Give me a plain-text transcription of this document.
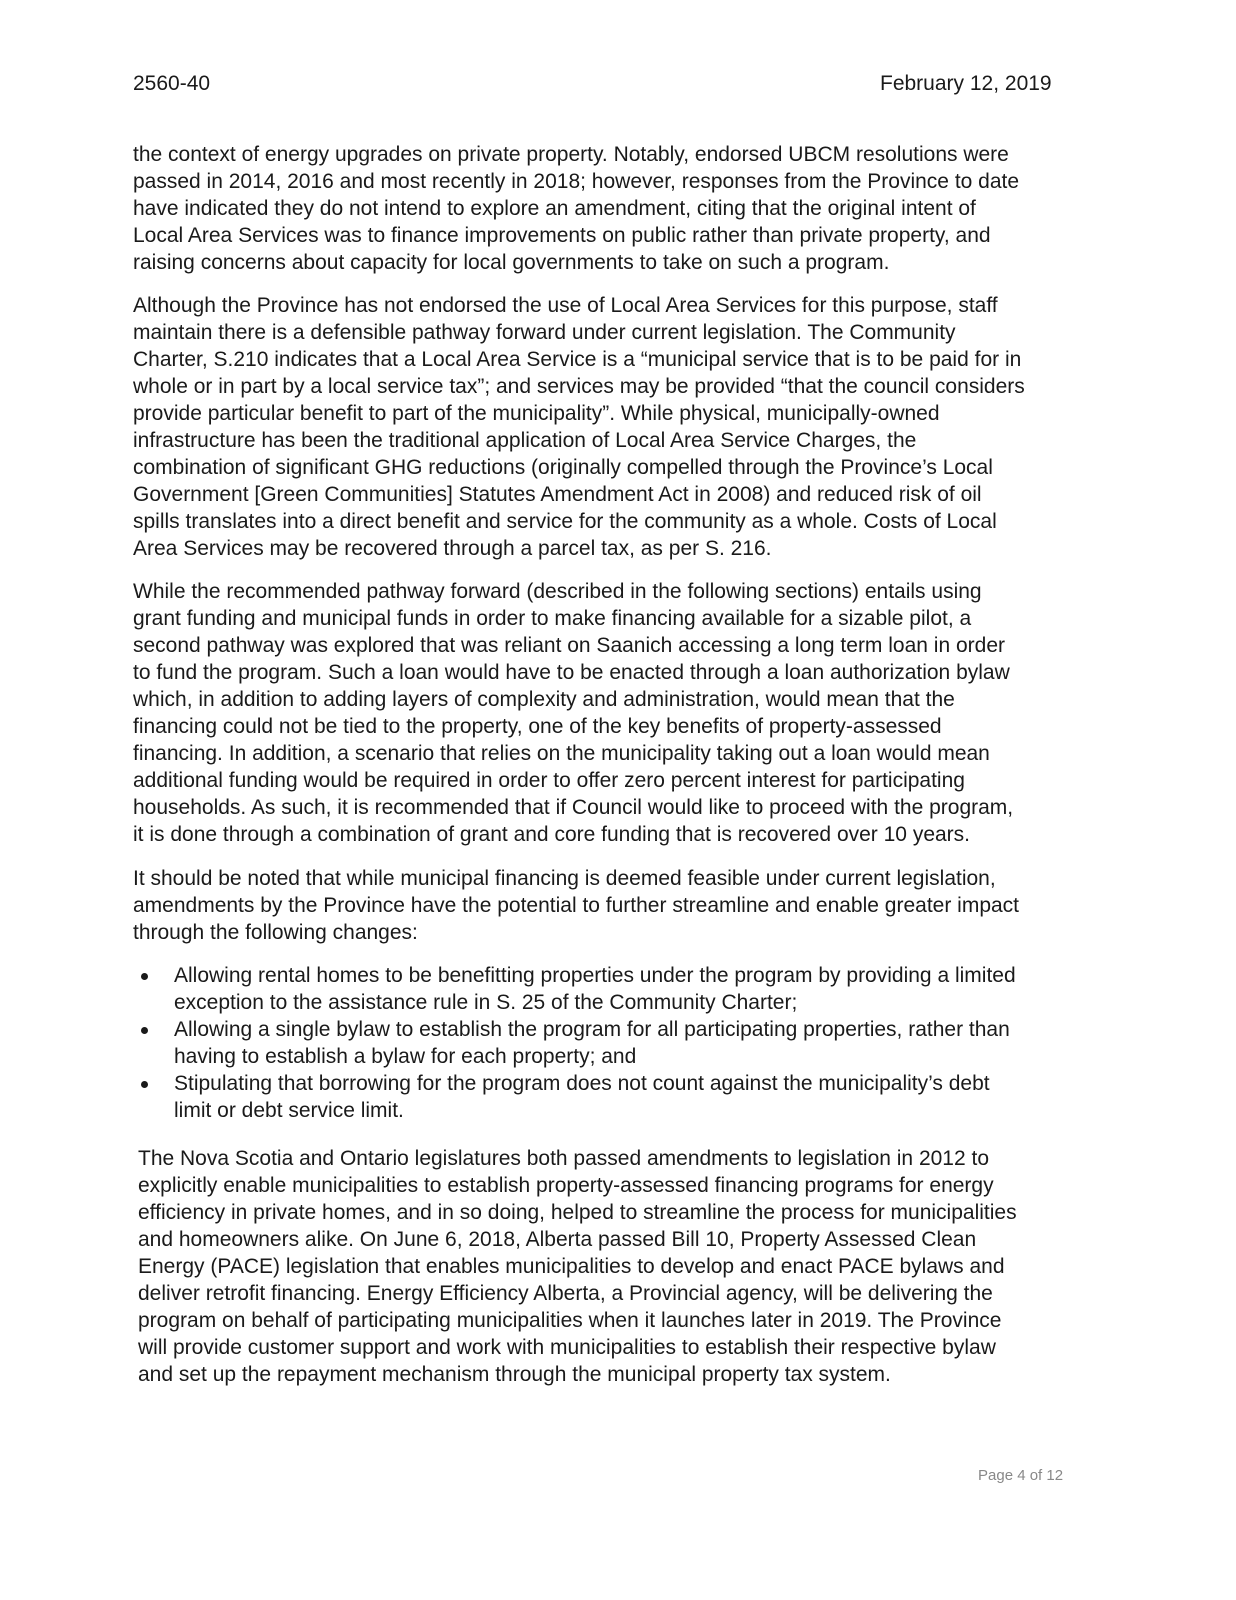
2560-40	February 12, 2019

the context of energy upgrades on private property. Notably, endorsed UBCM resolutions were

passed in 2014, 2016 and most recently in 2018; however, responses from the Province to date

have indicated they do not intend to explore an amendment, citing that the original intent of

Local Area Services was to finance improvements on public rather than private property, and

raising concerns about capacity for local governments to take on such a program.

Although the Province has not endorsed the use of Local Area Services for this purpose, staff

maintain there is a defensible pathway forward under current legislation. The Community

Charter, S.210 indicates that a Local Area Service is a “municipal service that is to be paid for in

whole or in part by a local service tax”; and services may be provided “that the council considers

provide particular benefit to part of the municipality”. While physical, municipally-owned

infrastructure has been the traditional application of Local Area Service Charges, the

combination of significant GHG reductions (originally compelled through the Province’s Local

Government [Green Communities] Statutes Amendment Act in 2008) and reduced risk of oil

spills translates into a direct benefit and service for the community as a whole. Costs of Local

Area Services may be recovered through a parcel tax, as per S. 216.

While the recommended pathway forward (described in the following sections) entails using

grant funding and municipal funds in order to make financing available for a sizable pilot, a

second pathway was explored that was reliant on Saanich accessing a long term loan in order

to fund the program. Such a loan would have to be enacted through a loan authorization bylaw

which, in addition to adding layers of complexity and administration, would mean that the

financing could not be tied to the property, one of the key benefits of property-assessed

financing. In addition, a scenario that relies on the municipality taking out a loan would mean

additional funding would be required in order to offer zero percent interest for participating

households. As such, it is recommended that if Council would like to proceed with the program,

it is done through a combination of grant and core funding that is recovered over 10 years.

It should be noted that while municipal financing is deemed feasible under current legislation,

amendments by the Province have the potential to further streamline and enable greater impact

through the following changes:

Allowing rental homes to be benefitting properties under the program by providing a limited

exception to the assistance rule in S. 25 of the Community Charter;

Allowing a single bylaw to establish the program for all participating properties, rather than

having to establish a bylaw for each property; and

Stipulating that borrowing for the program does not count against the municipality’s debt

limit or debt service limit.

The Nova Scotia and Ontario legislatures both passed amendments to legislation in 2012 to

explicitly enable municipalities to establish property-assessed financing programs for energy

efficiency in private homes, and in so doing, helped to streamline the process for municipalities

and homeowners alike. On June 6, 2018, Alberta passed Bill 10, Property Assessed Clean

Energy (PACE) legislation that enables municipalities to develop and enact PACE bylaws and

deliver retrofit financing. Energy Efficiency Alberta, a Provincial agency, will be delivering the

program on behalf of participating municipalities when it launches later in 2019. The Province

will provide customer support and work with municipalities to establish their respective bylaw

and set up the repayment mechanism through the municipal property tax system.

Page 4 of 12
